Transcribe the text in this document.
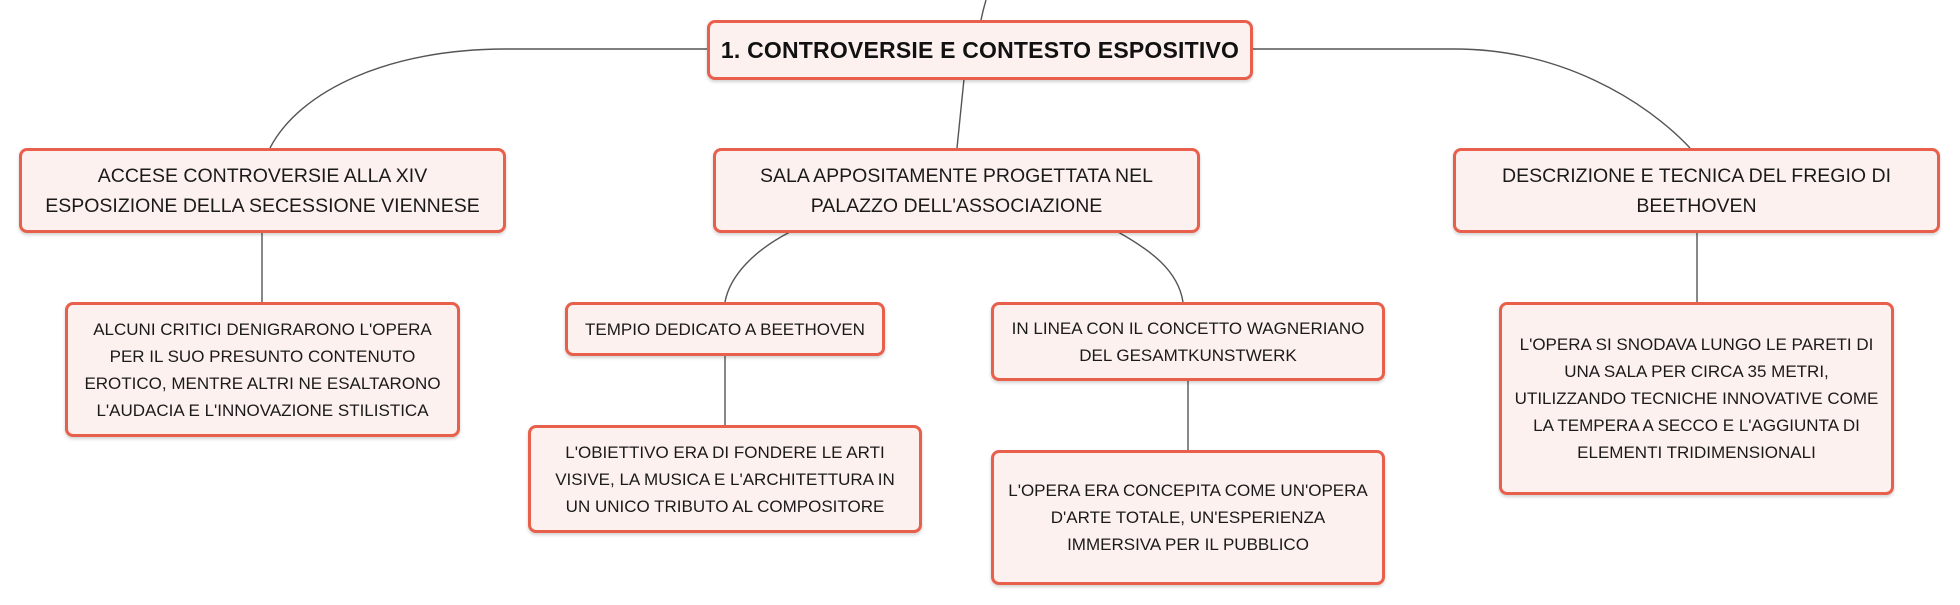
1. CONTROVERSIE E CONTESTO ESPOSITIVO
ACCESE CONTROVERSIE ALLA XIV ESPOSIZIONE DELLA SECESSIONE VIENNESE
SALA APPOSITAMENTE PROGETTATA NEL PALAZZO DELL'ASSOCIAZIONE
DESCRIZIONE E TECNICA DEL FREGIO DI BEETHOVEN
ALCUNI CRITICI DENIGRARONO L'OPERA PER IL SUO PRESUNTO CONTENUTO EROTICO, MENTRE ALTRI NE ESALTARONO L'AUDACIA E L'INNOVAZIONE STILISTICA
TEMPIO DEDICATO A BEETHOVEN	IN LINEA CON IL CONCETTO WAGNERIANO DEL GESAMTKUNSTWERK
L'OBIETTIVO ERA DI FONDERE LE ARTI VISIVE, LA MUSICA E L'ARCHITETTURA IN UN UNICO TRIBUTO AL COMPOSITORE
L'OPERA ERA CONCEPITA COME UN'OPERA D'ARTE TOTALE, UN'ESPERIENZA IMMERSIVA PER IL PUBBLICO
L'OPERA SI SNODAVA LUNGO LE PARETI DI UNA SALA PER CIRCA 35 METRI, UTILIZZANDO TECNICHE INNOVATIVE COME LA TEMPERA A SECCO E L'AGGIUNTA DI ELEMENTI TRIDIMENSIONALI
